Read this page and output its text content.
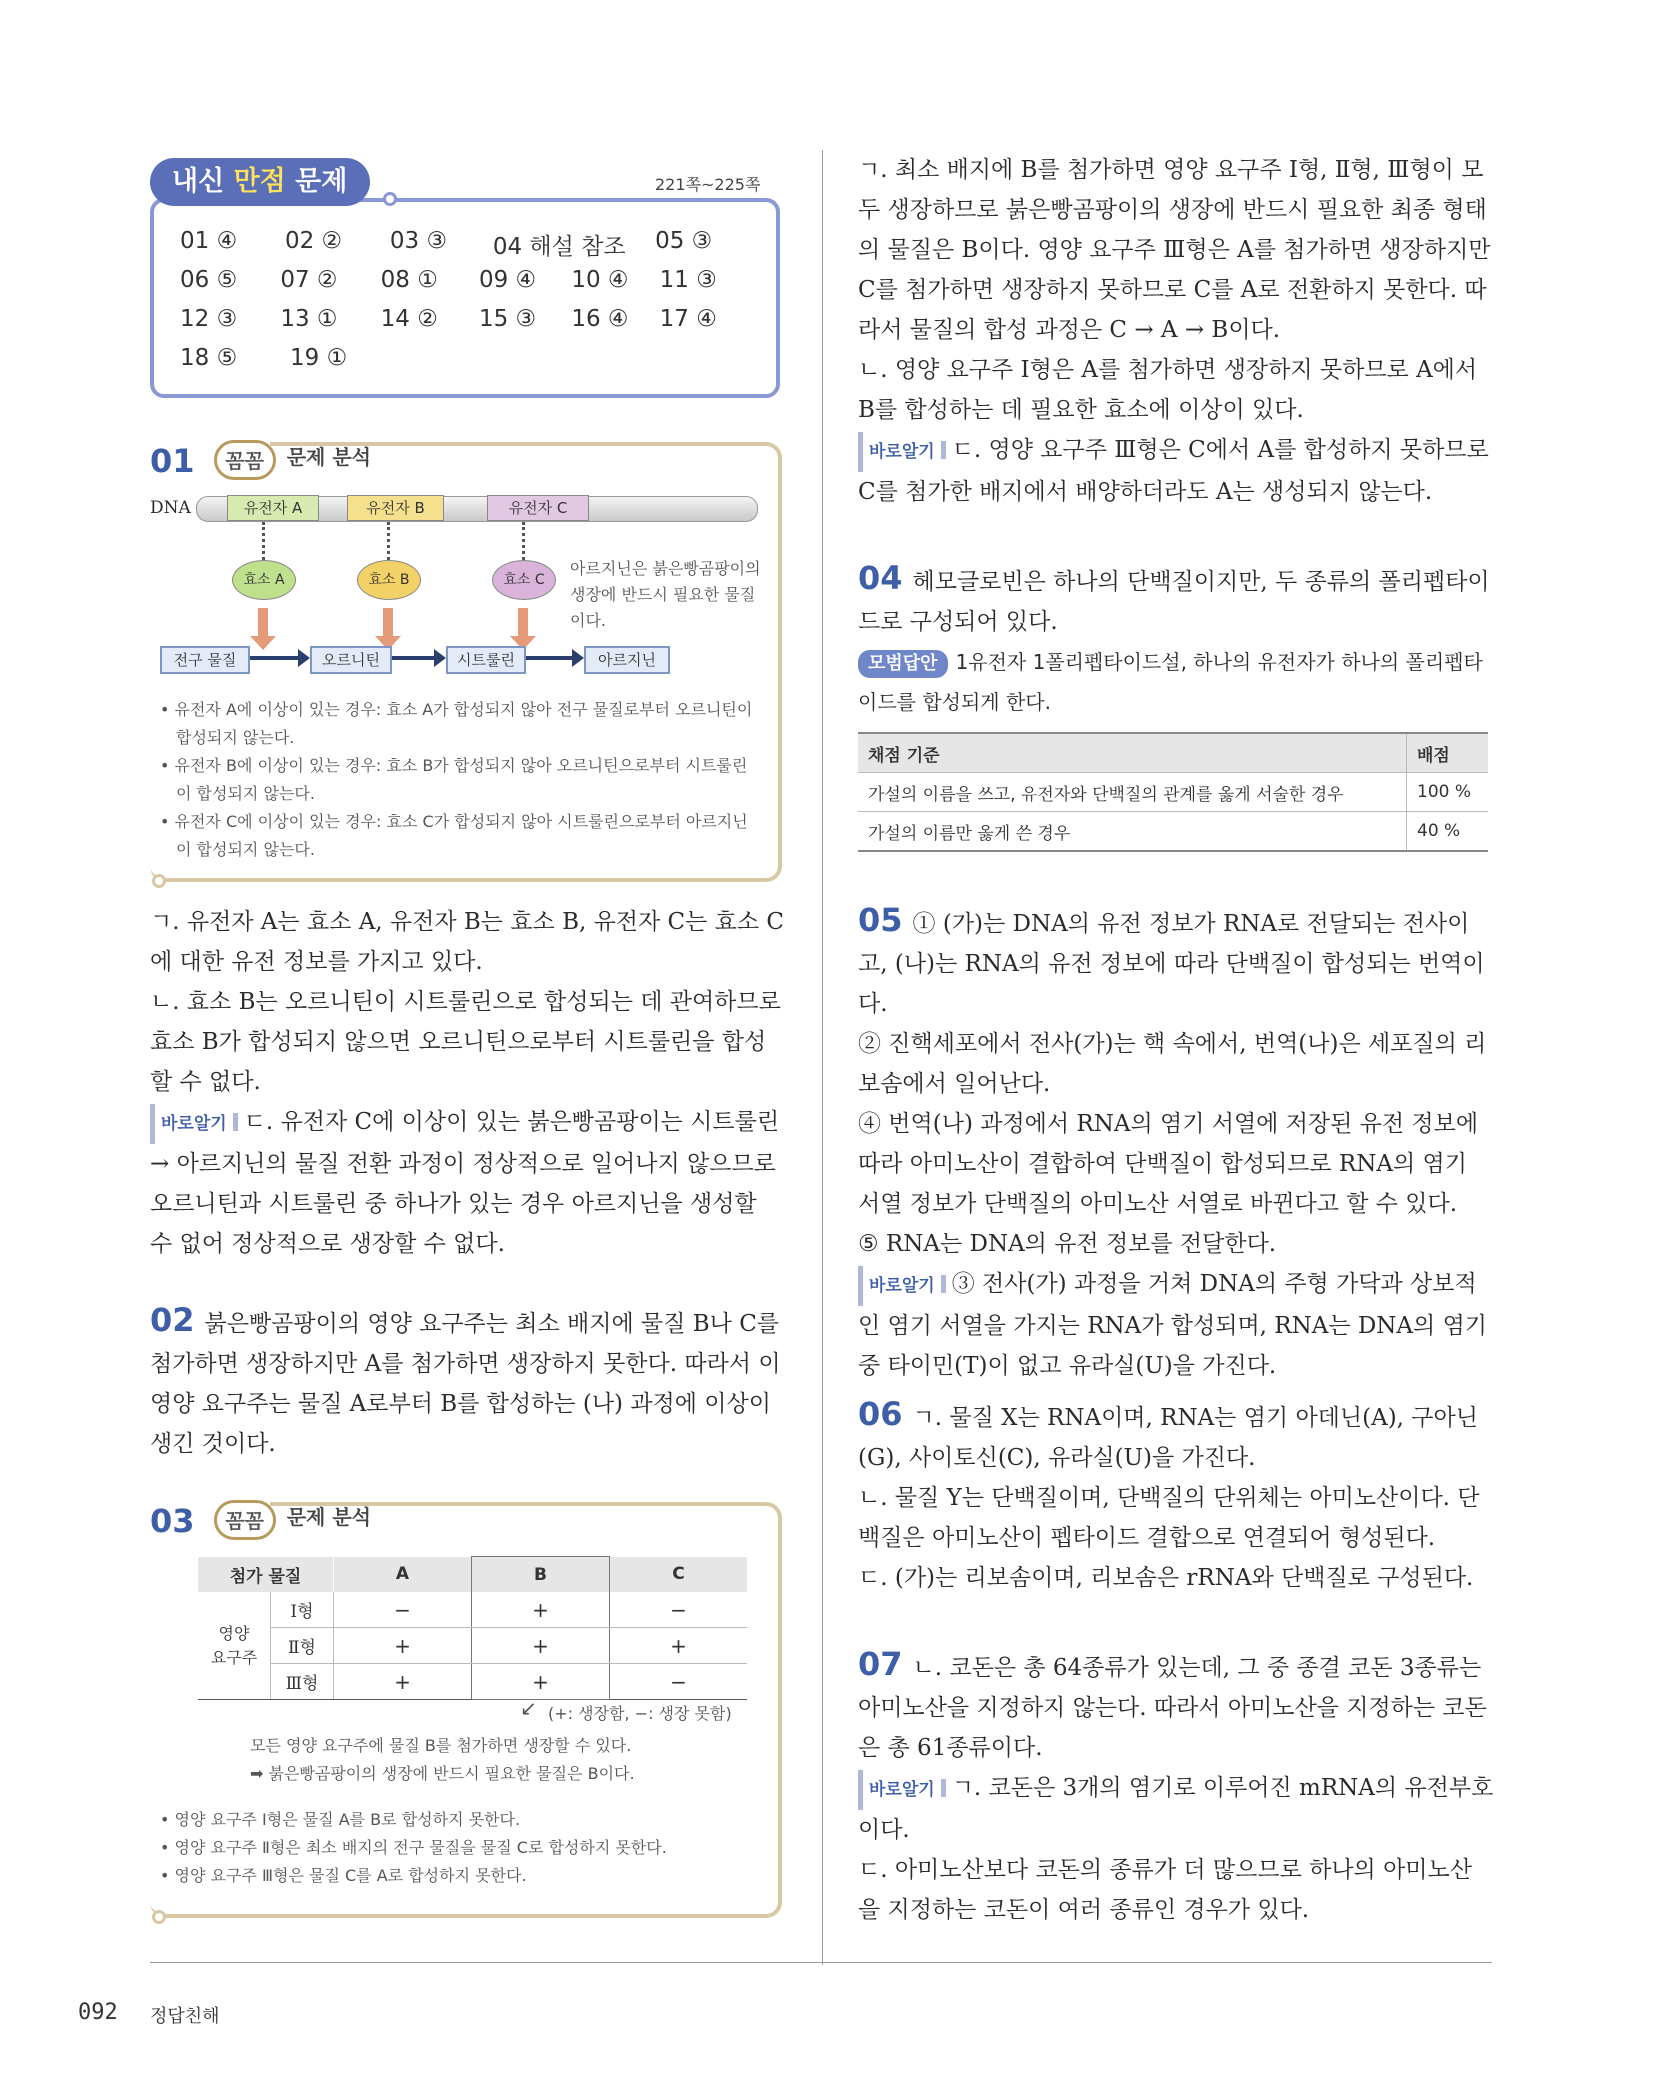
내신 만점 문제	221쪽~225쪽
01 ④	02 ②	03 ③	04 해설 참조	05 ③
06 ⑤	07 ②	08 ①	09 ④	10 ④	11 ③
12 ③	13 ①	14 ②	15 ③	16 ④	17 ④
18 ⑤	19 ①
01 꼼꼼 문제 분석
DNA	유전자 A	유전자 B	유전자 C
효소 A	효소 B	효소 C
전구 물질	오르니틴	시트룰린	아르지닌
아르지닌은 붉은빵곰팡이의 생장에 반드시 필요한 물질이다.
• 유전자 A에 이상이 있는 경우: 효소 A가 합성되지 않아 전구 물질로부터 오르니틴이 합성되지 않는다.
• 유전자 B에 이상이 있는 경우: 효소 B가 합성되지 않아 오르니틴으로부터 시트룰린이 합성되지 않는다.
• 유전자 C에 이상이 있는 경우: 효소 C가 합성되지 않아 시트룰린으로부터 아르지닌이 합성되지 않는다.

ㄱ. 유전자 A는 효소 A, 유전자 B는 효소 B, 유전자 C는 효소 C에 대한 유전 정보를 가지고 있다.

ㄴ. 효소 B는 오르니틴이 시트룰린으로 합성되는 데 관여하므로 효소 B가 합성되지 않으면 오르니틴으로부터 시트룰린을 합성할 수 없다.

바로알기 ㄷ. 유전자 C에 이상이 있는 붉은빵곰팡이는 시트룰린 → 아르지닌의 물질 전환 과정이 정상적으로 일어나지 않으므로 오르니틴과 시트룰린 중 하나가 있는 경우 아르지닌을 생성할 수 없어 정상적으로 생장할 수 없다.

02 붉은빵곰팡이의 영양 요구주는 최소 배지에 물질 B나 C를 첨가하면 생장하지만 A를 첨가하면 생장하지 못한다. 따라서 이 영양 요구주는 물질 A로부터 B를 합성하는 (나) 과정에 이상이 생긴 것이다.
03 꼼꼼 문제 분석
첨가 물질		A	B	C
영양
요구주	Ⅰ형	−	+	−
	Ⅱ형	+	+	+
	Ⅲ형	+	+	−
(+: 생장함, −: 생장 못함)
↙
모든 영양 요구주에 물질 B를 첨가하면 생장할 수 있다.
➡ 붉은빵곰팡이의 생장에 반드시 필요한 물질은 B이다.
• 영양 요구주 Ⅰ형은 물질 A를 B로 합성하지 못한다.
• 영양 요구주 Ⅱ형은 최소 배지의 전구 물질을 물질 C로 합성하지 못한다.
• 영양 요구주 Ⅲ형은 물질 C를 A로 합성하지 못한다.

ㄱ. 최소 배지에 B를 첨가하면 영양 요구주 Ⅰ형, Ⅱ형, Ⅲ형이 모두 생장하므로 붉은빵곰팡이의 생장에 반드시 필요한 최종 형태의 물질은 B이다. 영양 요구주 Ⅲ형은 A를 첨가하면 생장하지만 C를 첨가하면 생장하지 못하므로 C를 A로 전환하지 못한다. 따라서 물질의 합성 과정은 C → A → B이다.

ㄴ. 영양 요구주 Ⅰ형은 A를 첨가하면 생장하지 못하므로 A에서 B를 합성하는 데 필요한 효소에 이상이 있다.

바로알기 ㄷ. 영양 요구주 Ⅲ형은 C에서 A를 합성하지 못하므로 C를 첨가한 배지에서 배양하더라도 A는 생성되지 않는다.

04 헤모글로빈은 하나의 단백질이지만, 두 종류의 폴리펩타이드로 구성되어 있다.

모범답안 1유전자 1폴리펩타이드설, 하나의 유전자가 하나의 폴리펩타이드를 합성되게 한다.

채점 기준	배점
가설의 이름을 쓰고, 유전자와 단백질의 관계를 옳게 서술한 경우	100 %
가설의 이름만 옳게 쓴 경우	40 %

05 ① (가)는 DNA의 유전 정보가 RNA로 전달되는 전사이고, (나)는 RNA의 유전 정보에 따라 단백질이 합성되는 번역이다.

② 진핵세포에서 전사(가)는 핵 속에서, 번역(나)은 세포질의 리보솜에서 일어난다.

④ 번역(나) 과정에서 RNA의 염기 서열에 저장된 유전 정보에 따라 아미노산이 결합하여 단백질이 합성되므로 RNA의 염기 서열 정보가 단백질의 아미노산 서열로 바뀐다고 할 수 있다.

⑤ RNA는 DNA의 유전 정보를 전달한다.

바로알기 ③ 전사(가) 과정을 거쳐 DNA의 주형 가닥과 상보적인 염기 서열을 가지는 RNA가 합성되며, RNA는 DNA의 염기 중 타이민(T)이 없고 유라실(U)을 가진다.

06 ㄱ. 물질 X는 RNA이며, RNA는 염기 아데닌(A), 구아닌(G), 사이토신(C), 유라실(U)을 가진다.

ㄴ. 물질 Y는 단백질이며, 단백질의 단위체는 아미노산이다. 단백질은 아미노산이 펩타이드 결합으로 연결되어 형성된다.

ㄷ. (가)는 리보솜이며, 리보솜은 rRNA와 단백질로 구성된다.

07 ㄴ. 코돈은 총 64종류가 있는데, 그 중 종결 코돈 3종류는 아미노산을 지정하지 않는다. 따라서 아미노산을 지정하는 코돈은 총 61종류이다.

바로알기 ㄱ. 코돈은 3개의 염기로 이루어진 mRNA의 유전부호이다.

ㄷ. 아미노산보다 코돈의 종류가 더 많으므로 하나의 아미노산을 지정하는 코돈이 여러 종류인 경우가 있다.

092 정답친해
